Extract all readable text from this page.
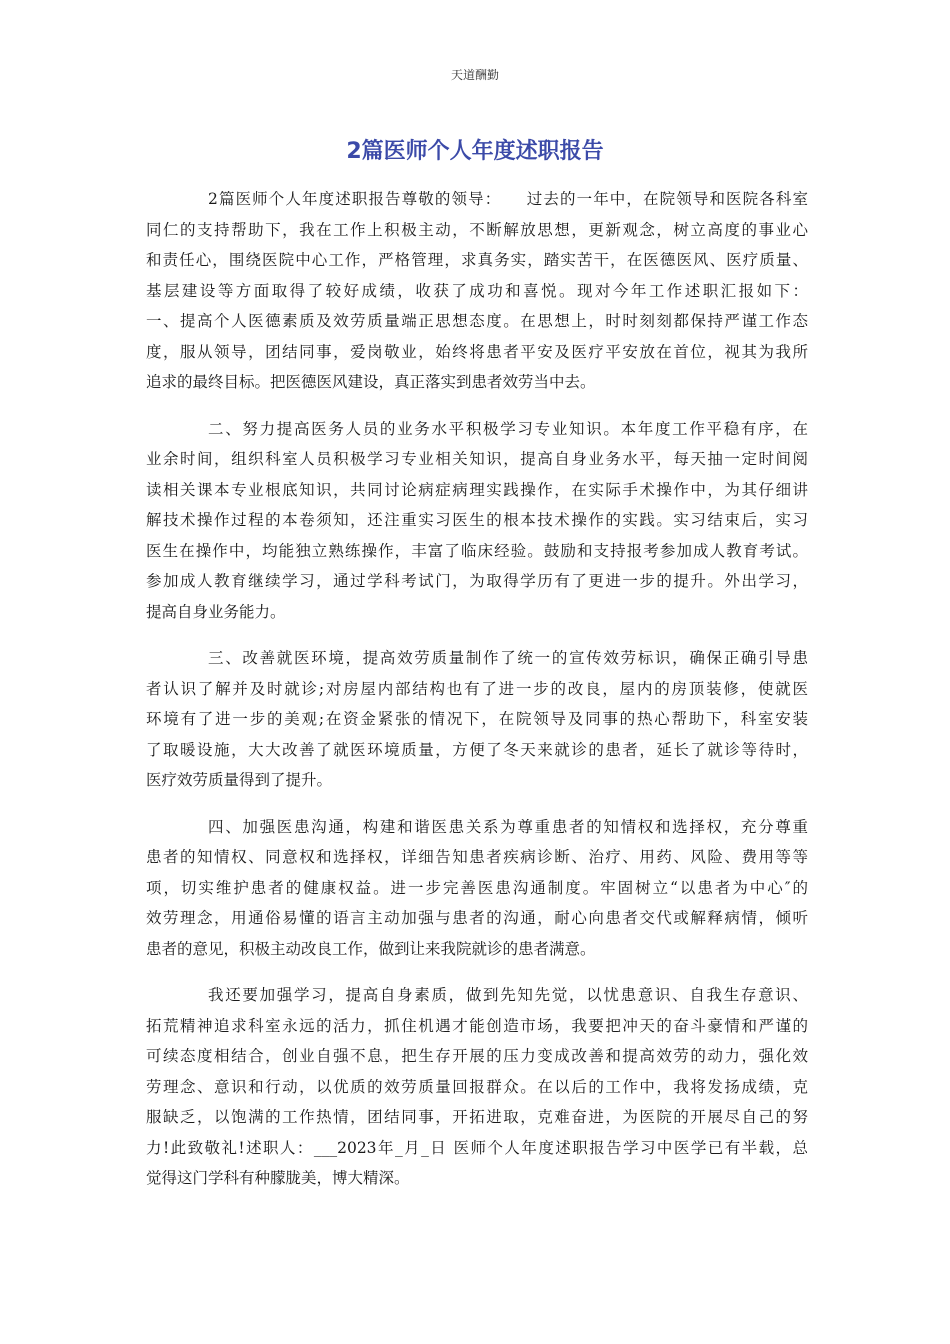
天道酬勤
2篇医师个人年度述职报告
2篇医师个人年度述职报告尊敬的领导：　　过去的一年中，在院领导和医院各科室
同仁的支持帮助下，我在工作上积极主动，不断解放思想，更新观念，树立高度的事业心
和责任心，围绕医院中心工作，严格管理，求真务实，踏实苦干，在医德医风、医疗质量、
基层建设等方面取得了较好成绩，收获了成功和喜悦。现对今年工作述职汇报如下：
一、提高个人医德素质及效劳质量端正思想态度。在思想上，时时刻刻都保持严谨工作态
度，服从领导，团结同事，爱岗敬业，始终将患者平安及医疗平安放在首位，视其为我所
追求的最终目标。把医德医风建设，真正落实到患者效劳当中去。
二、努力提高医务人员的业务水平积极学习专业知识。本年度工作平稳有序，在
业余时间，组织科室人员积极学习专业相关知识，提高自身业务水平，每天抽一定时间阅
读相关课本专业根底知识，共同讨论病症病理实践操作，在实际手术操作中，为其仔细讲
解技术操作过程的本卷须知，还注重实习医生的根本技术操作的实践。实习结束后，实习
医生在操作中，均能独立熟练操作，丰富了临床经验。鼓励和支持报考参加成人教育考试。
参加成人教育继续学习，通过学科考试门，为取得学历有了更进一步的提升。外出学习，
提高自身业务能力。
三、改善就医环境，提高效劳质量制作了统一的宣传效劳标识，确保正确引导患
者认识了解并及时就诊;对房屋内部结构也有了进一步的改良，屋内的房顶装修，使就医
环境有了进一步的美观;在资金紧张的情况下，在院领导及同事的热心帮助下，科室安装
了取暖设施，大大改善了就医环境质量，方便了冬天来就诊的患者，延长了就诊等待时，
医疗效劳质量得到了提升。
四、加强医患沟通，构建和谐医患关系为尊重患者的知情权和选择权，充分尊重
患者的知情权、同意权和选择权，详细告知患者疾病诊断、治疗、用药、风险、费用等等
项，切实维护患者的健康权益。进一步完善医患沟通制度。牢固树立“以患者为中心″的
效劳理念，用通俗易懂的语言主动加强与患者的沟通，耐心向患者交代或解释病情，倾听
患者的意见，积极主动改良工作，做到让来我院就诊的患者满意。
我还要加强学习，提高自身素质，做到先知先觉，以忧患意识、自我生存意识、
拓荒精神追求科室永远的活力，抓住机遇才能创造市场，我要把冲天的奋斗豪情和严谨的
可续态度相结合，创业自强不息，把生存开展的压力变成改善和提高效劳的动力，强化效
劳理念、意识和行动，以优质的效劳质量回报群众。在以后的工作中，我将发扬成绩，克
服缺乏，以饱满的工作热情，团结同事，开拓进取，克难奋进，为医院的开展尽自己的努
力!此致敬礼!述职人：___2023年_月_日 医师个人年度述职报告学习中医学已有半载，总
觉得这门学科有种朦胧美，博大精深。
